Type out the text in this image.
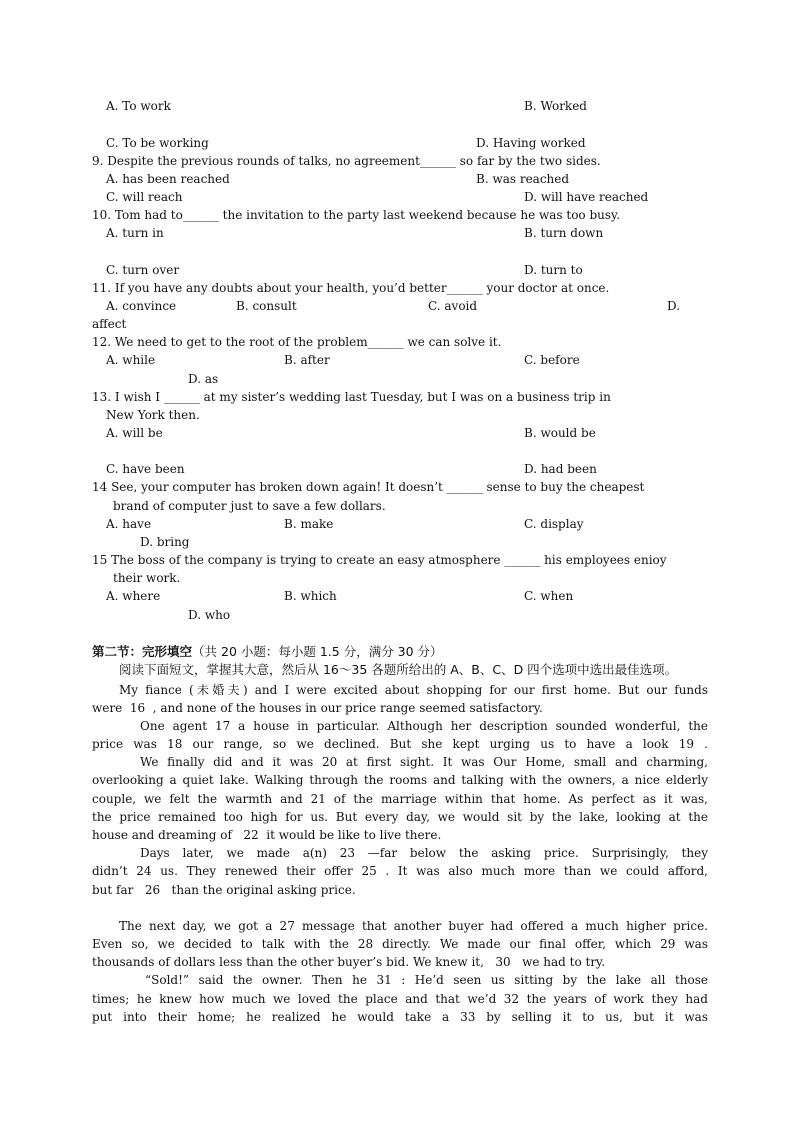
A. To work	B. Worked
C. To be working	D. Having worked
9. Despite the previous rounds of talks, no agreement______ so far by the two sides.
A. has been reached	B. was reached
C. will reach	D. will have reached
10. Tom had to______ the invitation to the party last weekend because he was too busy.
A. turn in	B. turn down
C. turn over	D. turn to
11. If you have any doubts about your health, you’d better______ your doctor at once.
A. convince	B. consult	C. avoid	D.
affect
12. We need to get to the root of the problem______ we can solve it.
A. while	B. after	C. before
D. as
13. I wish I ______ at my sister’s wedding last Tuesday, but I was on a business trip in
New York then.
A. will be	B. would be
C. have been	D. had been
14 See, your computer has broken down again! It doesn’t ______ sense to buy the cheapest
brand of computer just to save a few dollars.
A. have	B. make	C. display
D. bring
15 The boss of the company is trying to create an easy atmosphere ______ his employees enioy
their work.
A. where	B. which	C. when
D. who
第二节：完形填空（共 20 小题：每小题 1.5 分，满分 30 分）
阅读下面短文，掌握其大意，然后从 16～35 各题所给出的 A、B、C、D 四个选项中选出最佳选项。
My fiance (未婚夫) and I were excited about shopping for our first home. But our funds
were  16  , and none of the houses in our price range seemed satisfactory.
One agent 17 a house in particular. Although her description sounded wonderful, the
price was 18 our range, so we declined. But she kept urging us to have a look 19 .
We finally did and it was 20 at first sight. It was Our Home, small and charming,
overlooking a quiet lake. Walking through the rooms and talking with the owners, a nice elderly
couple, we felt the warmth and 21 of the marriage within that home. As perfect as it was,
the price remained too high for us. But every day, we would sit by the lake, looking at the
house and dreaming of   22  it would be like to live there.
Days later, we made a(n) 23 —far below the asking price. Surprisingly, they
didn’t 24 us. They renewed their offer 25 . It was also much more than we could afford,
but far   26   than the original asking price.
The next day, we got a 27 message that another buyer had offered a much higher price.
Even so, we decided to talk with the 28 directly. We made our final offer, which 29 was
thousands of dollars less than the other buyer’s bid. We knew it,   30   we had to try.
“Sold!” said the owner. Then he 31 : He’d seen us sitting by the lake all those
times; he knew how much we loved the place and that we’d 32 the years of work they had
put into their home; he realized he would take a 33 by selling it to us, but it was
